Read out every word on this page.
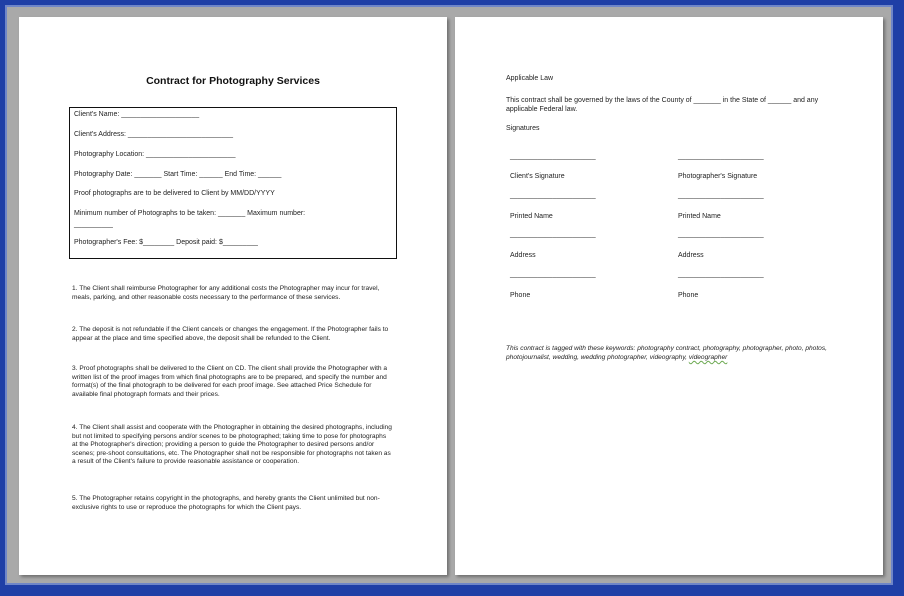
Contract for Photography Services
Client's Name: ____________________
Client's Address: ___________________________
Photography Location: _______________________
Photography Date: _______ Start Time: ______ End Time: ______
Proof photographs are to be delivered to Client by MM/DD/YYYY
Minimum number of Photographs to be taken: _______ Maximum number:
__________
Photographer's Fee: $________ Deposit paid: $_________
1. The Client shall reimburse Photographer for any additional costs the Photographer may incur for travel, meals, parking, and other reasonable costs necessary to the performance of these services.
2. The deposit is not refundable if the Client cancels or changes the engagement. If the Photographer fails to appear at the place and time specified above, the deposit shall be refunded to the Client.
3. Proof photographs shall be delivered to the Client on CD. The client shall provide the Photographer with a written list of the proof images from which final photographs are to be prepared, and specify the number and format(s) of the final photograph to be delivered for each proof image. See attached Price Schedule for available final photograph formats and their prices.
4. The Client shall assist and cooperate with the Photographer in obtaining the desired photographs, including but not limited to specifying persons and/or scenes to be photographed; taking time to pose for photographs at the Photographer's direction; providing a person to guide the Photographer to desired persons and/or scenes; pre-shoot consultations, etc. The Photographer shall not be responsible for photographs not taken as a result of the Client's failure to provide reasonable assistance or cooperation.
5. The Photographer retains copyright in the photographs, and hereby grants the Client unlimited but non-exclusive rights to use or reproduce the photographs for which the Client pays.
Applicable Law
This contract shall be governed by the laws of the County of _______ in the State of ______ and any applicable Federal law.
Signatures
______________________
Client's Signature
______________________
Printed Name
______________________
Address
______________________
Phone
______________________
Photographer's Signature
______________________
Printed Name
______________________
Address
______________________
Phone
This contract is tagged with these keywords: photography contract, photography, photographer, photo, photos, photojournalist, wedding, wedding photographer, videography, videographer
